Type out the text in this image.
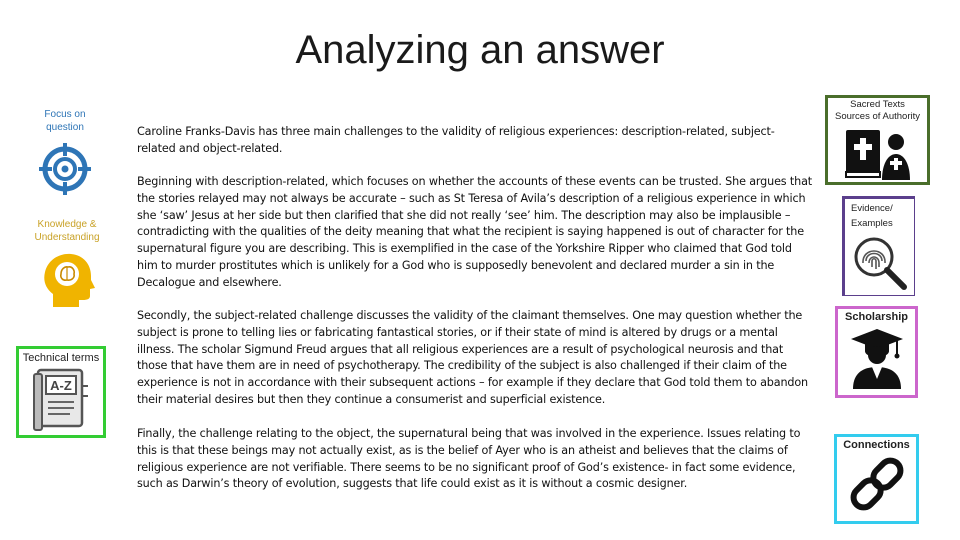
Analyzing an answer

Caroline Franks-Davis has three main challenges to the validity of religious experiences: description-related, subject-related and object-related.

Beginning with description-related, which focuses on whether the accounts of these events can be trusted. She argues that the stories relayed may not always be accurate – such as St Teresa of Avila’s description of a religious experience in which she ‘saw’ Jesus at her side but then clarified that she did not really ‘see’ him. The description may also be implausible – contradicting with the qualities of the deity meaning that what the recipient is saying happened is out of character for the supernatural figure you are describing. This is exemplified in the case of the Yorkshire Ripper who claimed that God told him to murder prostitutes which is unlikely for a God who is supposedly benevolent and declared murder a sin in the Decalogue and elsewhere.

Secondly, the subject-related challenge discusses the validity of the claimant themselves. One may question whether the subject is prone to telling lies or fabricating fantastical stories, or if their state of mind is altered by drugs or a mental illness. The scholar Sigmund Freud argues that all religious experiences are a result of psychological neurosis and that those that have them are in need of psychotherapy. The credibility of the subject is also challenged if their claim of the experience is not in accordance with their subsequent actions – for example if they declare that God told them to abandon their material desires but then they continue a consumerist and superficial existence.

Finally, the challenge relating to the object, the supernatural being that was involved in the experience. Issues relating to this is that these beings may not actually exist, as is the belief of Ayer who is an atheist and believes that the claims of religious experience are not verifiable. There seems to be no significant proof of God’s existence- in fact some evidence, such as Darwin’s theory of evolution, suggests that life could exist as it is without a cosmic designer.

Focus on
question
Knowledge &
Understanding
Technical terms
A-Z
Sacred Texts
Sources of Authority
Evidence/
Examples
Scholarship
Connections
